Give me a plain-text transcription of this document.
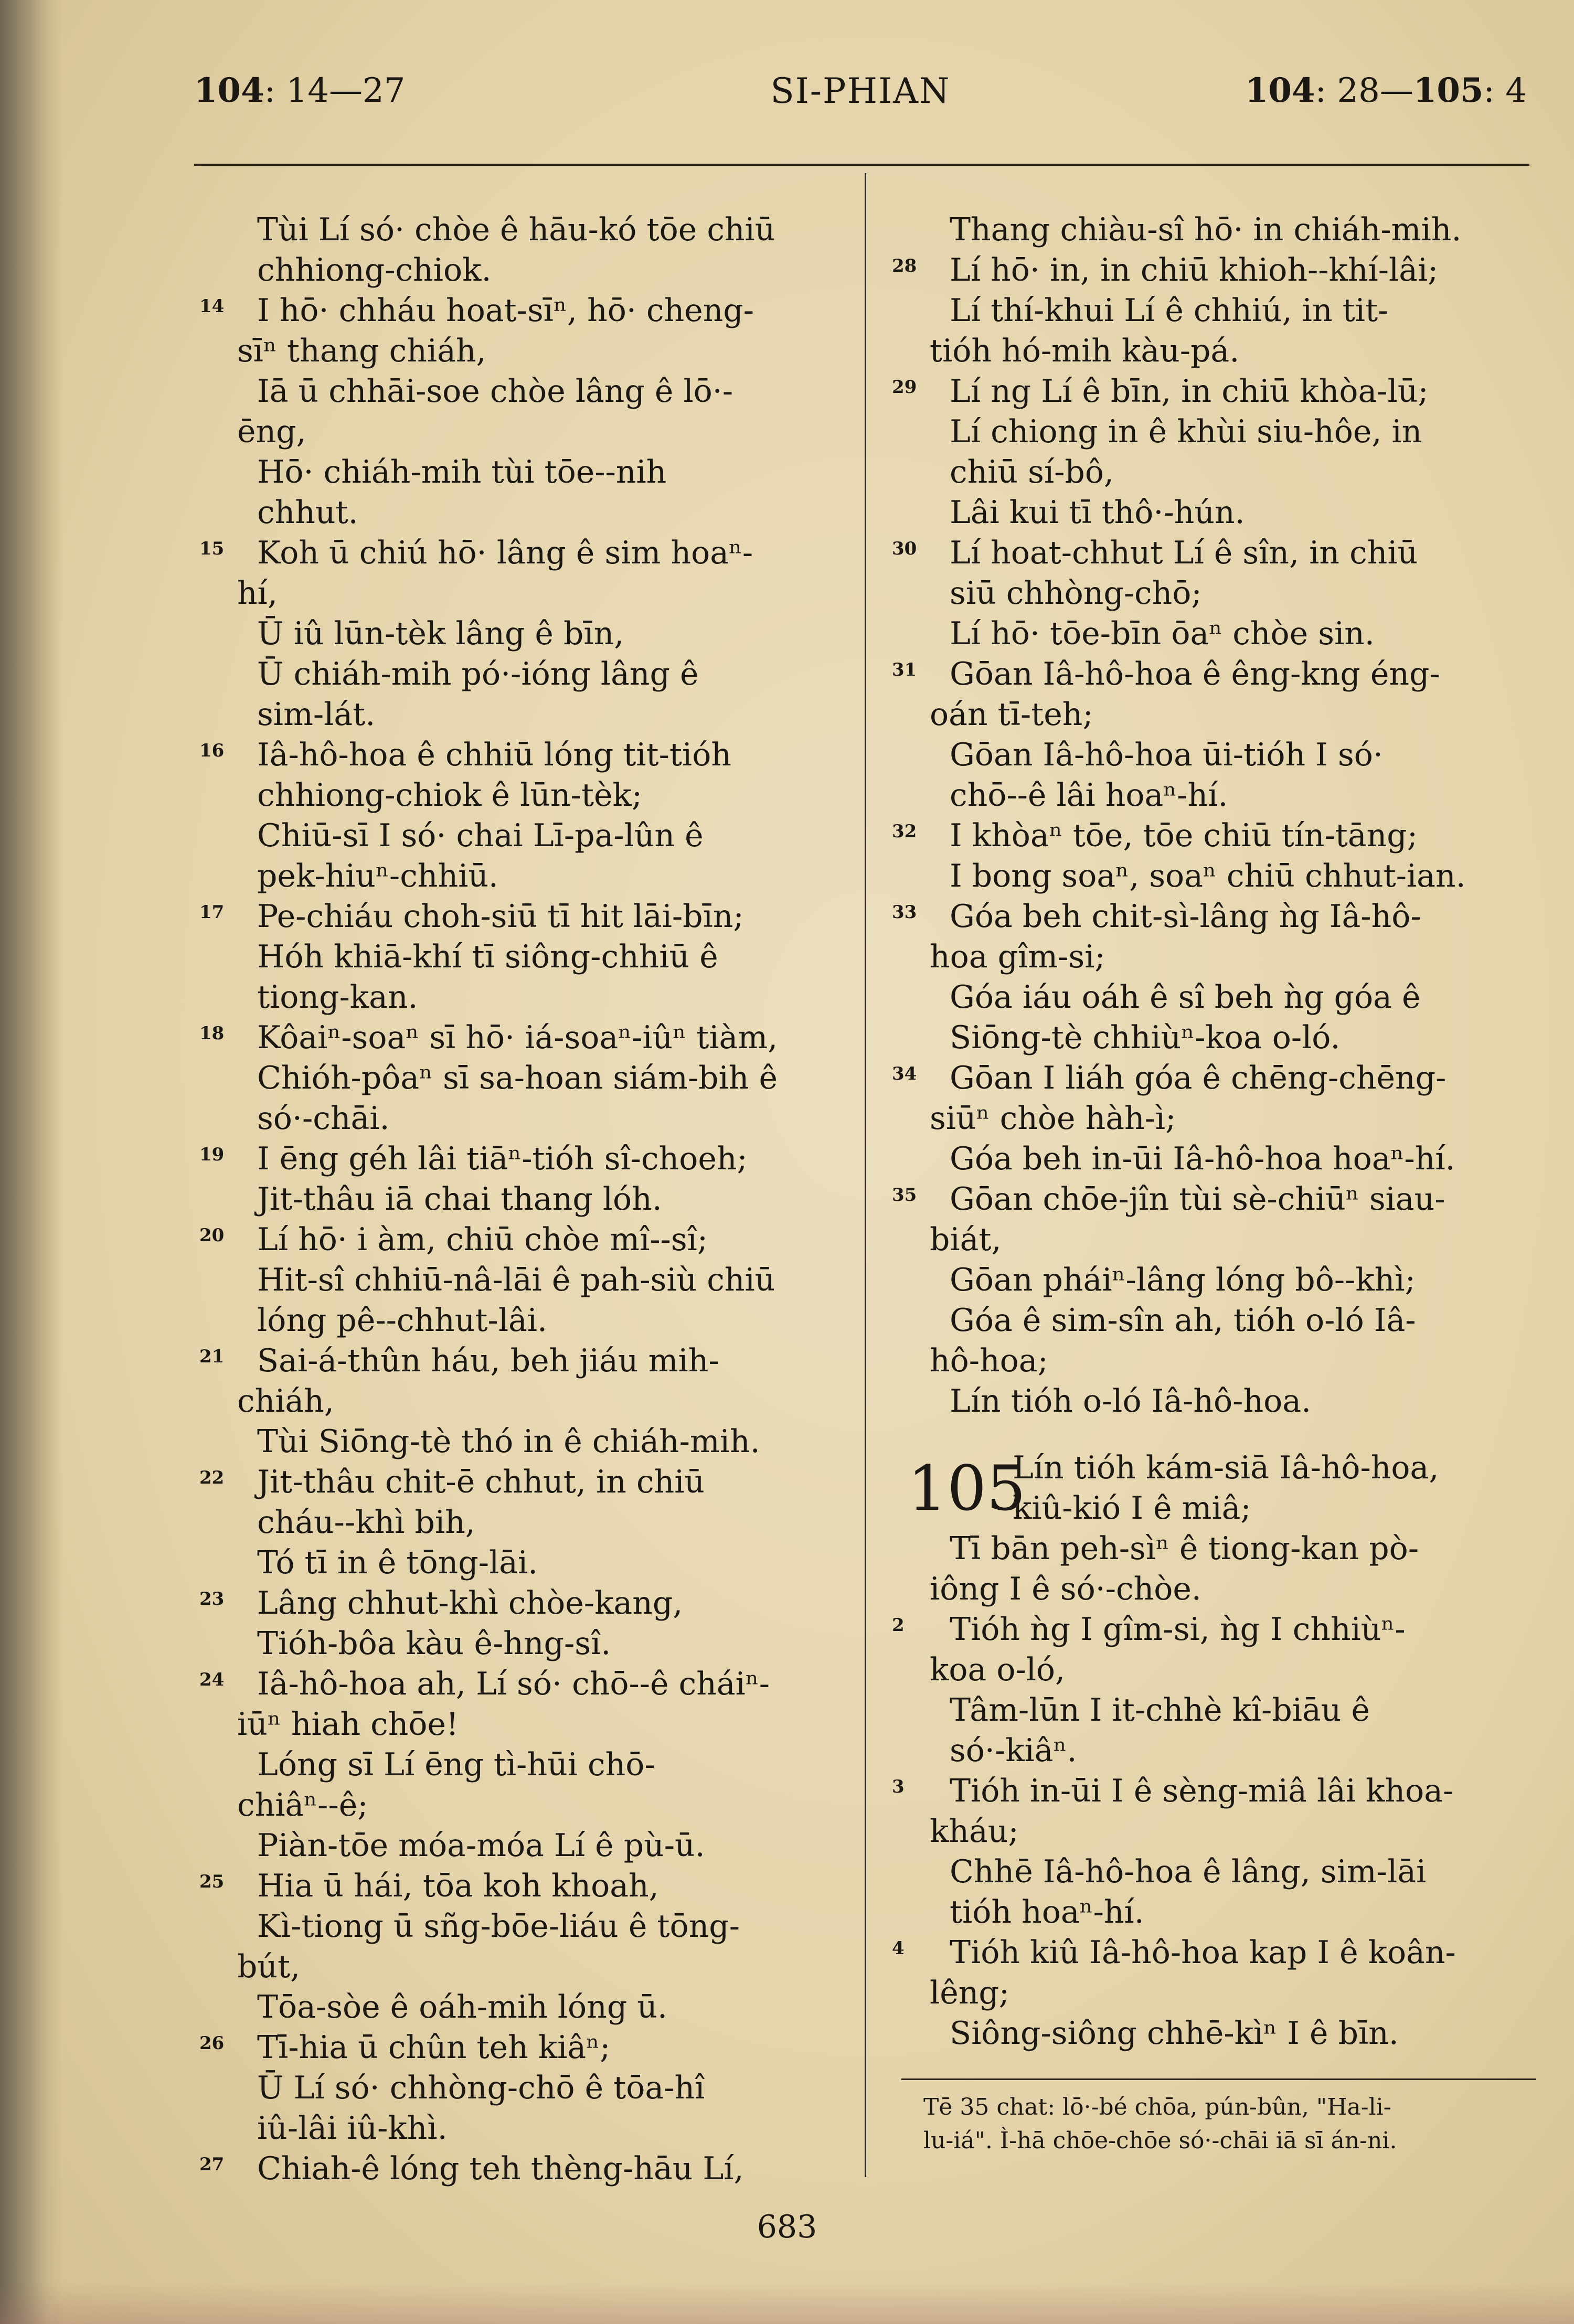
104: 14—27	SI-PHIAN	104: 28—105: 4
Tùi Lí só· chòe ê hāu-kó tōe chiū
chhiong-chiok.
14	I hō· chháu hoat-sīⁿ, hō· cheng-
sīⁿ thang chiáh,
Iā ū chhāi-soe chòe lâng ê lō·-
ēng,
Hō· chiáh-mih tùi tōe--nih
chhut.
15	Koh ū chiú hō· lâng ê sim hoaⁿ-
hí,
Ū iû lūn-tèk lâng ê bīn,
Ū chiáh-mih pó·-ióng lâng ê
sim-lát.
16	Iâ-hô-hoa ê chhiū lóng tit-tióh
chhiong-chiok ê lūn-tèk;
Chiū-sī I só· chai Lī-pa-lûn ê
pek-hiuⁿ-chhiū.
17	Pe-chiáu choh-siū tī hit lāi-bīn;
Hóh khiā-khí tī siông-chhiū ê
tiong-kan.
18	Kôaiⁿ-soaⁿ sī hō· iá-soaⁿ-iûⁿ tiàm,
Chióh-pôaⁿ sī sa-hoan siám-bih ê
só·-chāi.
19	I ēng géh lâi tiāⁿ-tióh sî-choeh;
Jit-thâu iā chai thang lóh.
20	Lí hō· i àm, chiū chòe mî--sî;
Hit-sî chhiū-nâ-lāi ê pah-siù chiū
lóng pê--chhut-lâi.
21	Sai-á-thûn háu, beh jiáu mih-
chiáh,
Tùi Siōng-tè thó in ê chiáh-mih.
22	Jit-thâu chit-ē chhut, in chiū
cháu--khì bih,
Tó tī in ê tōng-lāi.
23	Lâng chhut-khì chòe-kang,
Tióh-bôa kàu ê-hng-sî.
24	Iâ-hô-hoa ah, Lí só· chō--ê cháiⁿ-
iūⁿ hiah chōe!
Lóng sī Lí ēng tì-hūi chō-
chiâⁿ--ê;
Piàn-tōe móa-móa Lí ê pù-ū.
25	Hia ū hái, tōa koh khoah,
Kì-tiong ū sñg-bōe-liáu ê tōng-
bút,
Tōa-sòe ê oáh-mih lóng ū.
26	Tī-hia ū chûn teh kiâⁿ;
Ū Lí só· chhòng-chō ê tōa-hî
iû-lâi iû-khì.
27	Chiah-ê lóng teh thèng-hāu Lí,
Thang chiàu-sî hō· in chiáh-mih.
28	Lí hō· in, in chiū khioh--khí-lâi;
Lí thí-khui Lí ê chhiú, in tit-
tióh hó-mih kàu-pá.
29	Lí ng Lí ê bīn, in chiū khòa-lū;
Lí chiong in ê khùi siu-hôe, in
chiū sí-bô,
Lâi kui tī thô·-hún.
30	Lí hoat-chhut Lí ê sîn, in chiū
siū chhòng-chō;
Lí hō· tōe-bīn ōaⁿ chòe sin.
31	Gōan Iâ-hô-hoa ê êng-kng éng-
oán tī-teh;
Gōan Iâ-hô-hoa ūi-tióh I só·
chō--ê lâi hoaⁿ-hí.
32	I khòaⁿ tōe, tōe chiū tín-tāng;
I bong soaⁿ, soaⁿ chiū chhut-ian.
33	Góa beh chit-sì-lâng ǹg Iâ-hô-
hoa gîm-si;
Góa iáu oáh ê sî beh ǹg góa ê
Siōng-tè chhiùⁿ-koa o-ló.
34	Gōan I liáh góa ê chēng-chēng-
siūⁿ chòe hàh-ì;
Góa beh in-ūi Iâ-hô-hoa hoaⁿ-hí.
35	Gōan chōe-jîn tùi sè-chiūⁿ siau-
biát,
Gōan pháiⁿ-lâng lóng bô--khì;
Góa ê sim-sîn ah, tióh o-ló Iâ-
hô-hoa;
Lín tióh o-ló Iâ-hô-hoa.
105
Lín tióh kám-siā Iâ-hô-hoa,
kiû-kió I ê miâ;
Tī bān peh-sìⁿ ê tiong-kan pò-
iông I ê só·-chòe.
2	Tióh ǹg I gîm-si, ǹg I chhiùⁿ-
koa o-ló,
Tâm-lūn I it-chhè kî-biāu ê
só·-kiâⁿ.
3	Tióh in-ūi I ê sèng-miâ lâi khoa-
kháu;
Chhē Iâ-hô-hoa ê lâng, sim-lāi
tióh hoaⁿ-hí.
4	Tióh kiû Iâ-hô-hoa kap I ê koân-
lêng;
Siông-siông chhē-kìⁿ I ê bīn.
Tē 35 chat: lō·-bé chōa, pún-bûn, "Ha-li-
lu-iá". Ì-hā chōe-chōe só·-chāi iā sī án-ni.
683
